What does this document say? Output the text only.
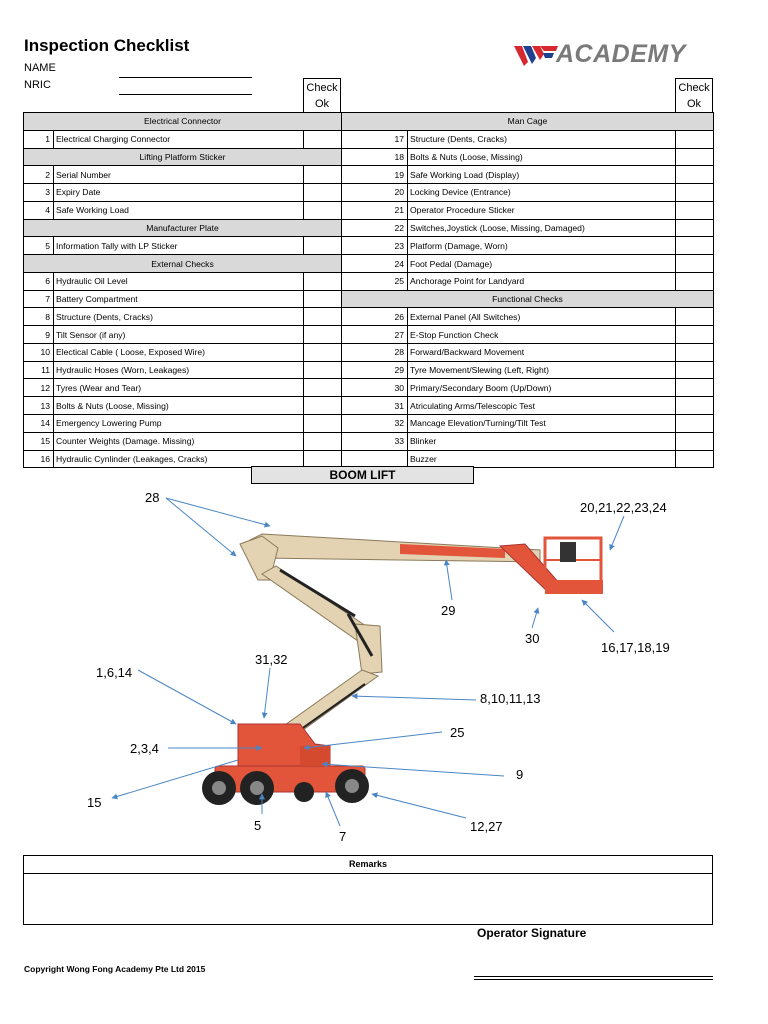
Inspection Checklist
NAME
NRIC
ACADEMY
Check
Ok
Check
Ok
Electrical Connector			Man Cage		
1	Electrical Charging Connector		17	Structure (Dents, Cracks)	
Lifting Platform Sticker			18	Bolts & Nuts (Loose, Missing)	
2	Serial Number		19	Safe Working Load (Display)	
3	Expiry Date		20	Locking Device (Entrance)	
4	Safe Working Load		21	Operator Procedure Sticker	
Manufacturer Plate			22	Switches,Joystick (Loose, Missing, Damaged)	
5	Information Tally with LP Sticker		23	Platform (Damage, Worn)	
External Checks			24	Foot Pedal (Damage)	
6	Hydraulic Oil Level		25	Anchorage Point for Landyard	
7	Battery Compartment		Functional Checks		
8	Structure (Dents, Cracks)		26	External Panel (All Switches)	
9	Tilt Sensor (if any)		27	E-Stop Function Check	
10	Electical Cable ( Loose, Exposed Wire)		28	Forward/Backward Movement	
11	Hydraulic Hoses (Worn, Leakages)		29	Tyre Movement/Slewing (Left, Right)	
12	Tyres (Wear and Tear)		30	Primary/Secondary Boom (Up/Down)	
13	Bolts & Nuts (Loose, Missing)		31	Atriculating Arms/Telescopic Test	
14	Emergency Lowering Pump		32	Mancage Elevation/Turning/Tilt Test	
15	Counter Weights (Damage. Missing)		33	Blinker	
16	Hydraulic Cynlinder (Leakages, Cracks)			Buzzer	
BOOM LIFT
28
20,21,22,23,24
29
30
16,17,18,19
31,32
1,6,14
8,10,11,13
25
2,3,4
9
15
5
7
12,27
Remarks
Operator Signature
Copyright Wong Fong Academy Pte Ltd 2015
